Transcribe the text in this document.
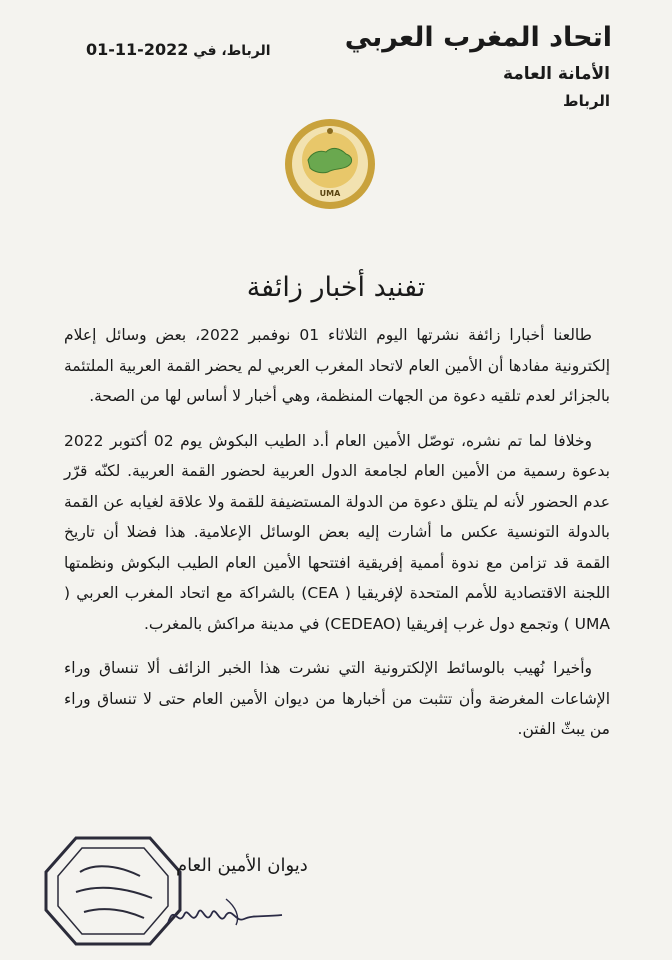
اتحاد المغرب العربي
الأمانة العامة
الرباط
الرباط، في 2022-11-01
UMA
تفنيد أخبار زائفة

طالعنا أخبارا زائفة نشرتها اليوم الثلاثاء 01 نوفمبر 2022، بعض وسائل إعلام إلكترونية مفادها أن الأمين العام لاتحاد المغرب العربي لم يحضر القمة العربية الملتئمة بالجزائر لعدم تلقيه دعوة من الجهات المنظمة، وهي أخبار لا أساس لها من الصحة.

وخلافا لما تم نشره، توصّل الأمين العام أ.د الطيب البكوش يوم 02 أكتوبر 2022 بدعوة رسمية من الأمين العام لجامعة الدول العربية لحضور القمة العربية. لكنّه قرّر عدم الحضور لأنه لم يتلق دعوة من الدولة المستضيفة للقمة ولا علاقة لغيابه عن القمة بالدولة التونسية عكس ما أشارت إليه بعض الوسائل الإعلامية. هذا فضلا أن تاريخ القمة قد تزامن مع ندوة أممية إفريقية افتتحها الأمين العام الطيب البكوش ونظمتها اللجنة الاقتصادية للأمم المتحدة لإفريقيا ( CEA) بالشراكة مع اتحاد المغرب العربي ( UMA ) وتجمع دول غرب إفريقيا (CEDEAO) في مدينة مراكش بالمغرب.

وأخيرا نُهيب بالوسائط الإلكترونية التي نشرت هذا الخبر الزائف ألا تنساق وراء الإشاعات المغرضة وأن تتثبت من أخبارها من ديوان الأمين العام حتى لا تنساق وراء من يبثّ الفتن.

ديوان الأمين العام
